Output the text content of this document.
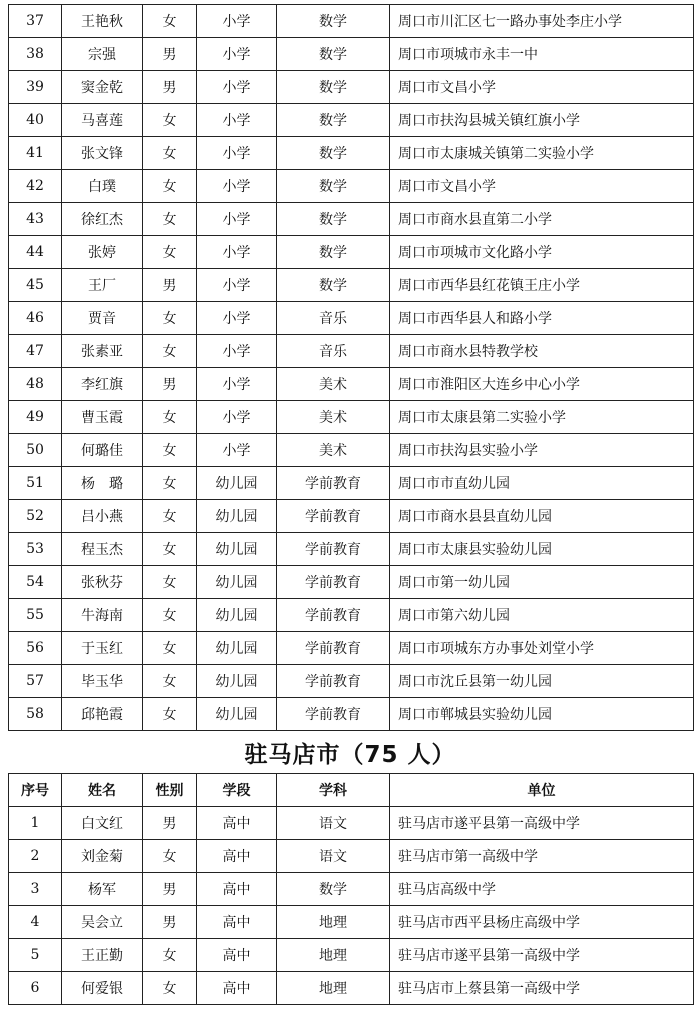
37	王艳秋	女	小学	数学	周口市川汇区七一路办事处李庄小学
38	宗强	男	小学	数学	周口市项城市永丰一中
39	窦金乾	男	小学	数学	周口市文昌小学
40	马喜莲	女	小学	数学	周口市扶沟县城关镇红旗小学
41	张文锋	女	小学	数学	周口市太康城关镇第二实验小学
42	白璞	女	小学	数学	周口市文昌小学
43	徐红杰	女	小学	数学	周口市商水县直第二小学
44	张婷	女	小学	数学	周口市项城市文化路小学
45	王厂	男	小学	数学	周口市西华县红花镇王庄小学
46	贾音	女	小学	音乐	周口市西华县人和路小学
47	张素亚	女	小学	音乐	周口市商水县特教学校
48	李红旗	男	小学	美术	周口市淮阳区大连乡中心小学
49	曹玉霞	女	小学	美术	周口市太康县第二实验小学
50	何璐佳	女	小学	美术	周口市扶沟县实验小学
51	杨　璐	女	幼儿园	学前教育	周口市市直幼儿园
52	吕小燕	女	幼儿园	学前教育	周口市商水县县直幼儿园
53	程玉杰	女	幼儿园	学前教育	周口市太康县实验幼儿园
54	张秋芬	女	幼儿园	学前教育	周口市第一幼儿园
55	牛海南	女	幼儿园	学前教育	周口市第六幼儿园
56	于玉红	女	幼儿园	学前教育	周口市项城东方办事处刘堂小学
57	毕玉华	女	幼儿园	学前教育	周口市沈丘县第一幼儿园
58	邱艳霞	女	幼儿园	学前教育	周口市郸城县实验幼儿园
驻马店市（75 人）
序号	姓名	性别	学段	学科	单位
1	白文红	男	高中	语文	驻马店市遂平县第一高级中学
2	刘金菊	女	高中	语文	驻马店市第一高级中学
3	杨军	男	高中	数学	驻马店高级中学
4	吴会立	男	高中	地理	驻马店市西平县杨庄高级中学
5	王正勤	女	高中	地理	驻马店市遂平县第一高级中学
6	何爱银	女	高中	地理	驻马店市上蔡县第一高级中学
